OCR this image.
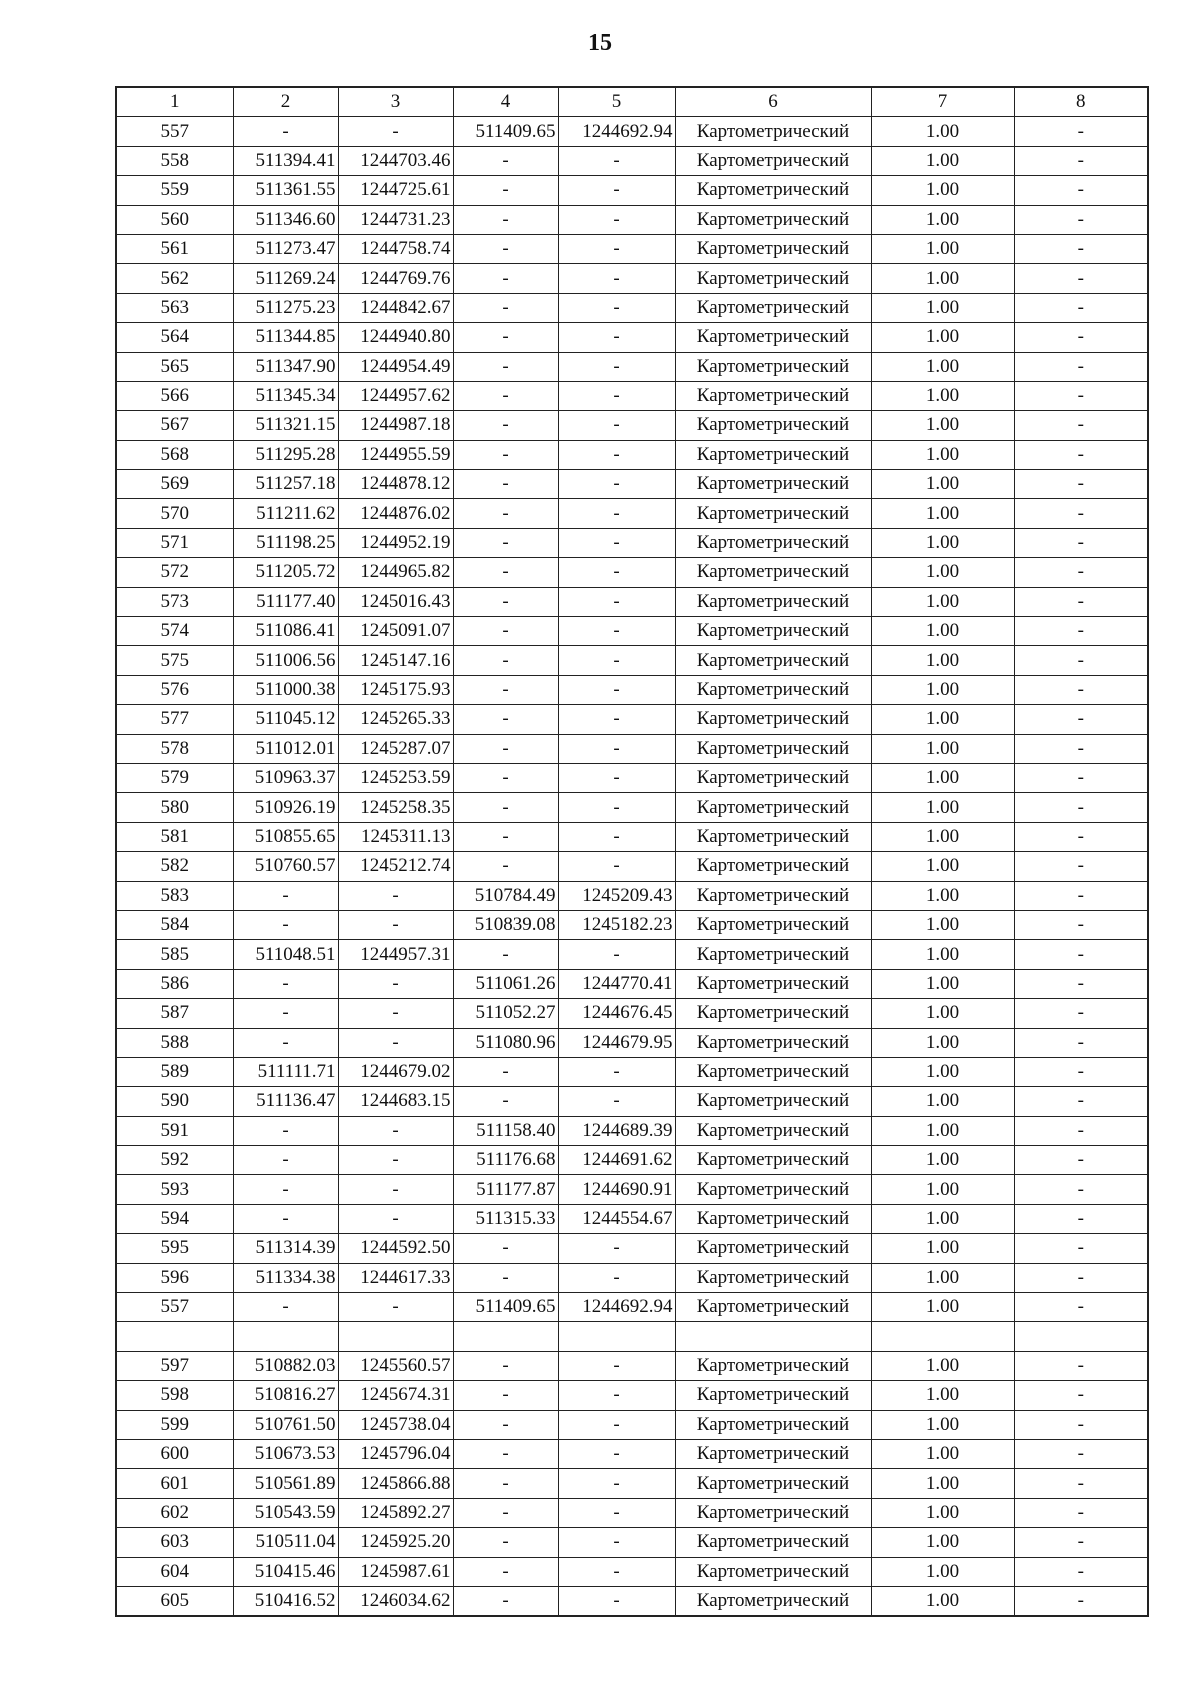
15
1	2	3	4	5	6	7	8
557	-	-	511409.65	1244692.94	Картометрический	1.00	-
558	511394.41	1244703.46	-	-	Картометрический	1.00	-
559	511361.55	1244725.61	-	-	Картометрический	1.00	-
560	511346.60	1244731.23	-	-	Картометрический	1.00	-
561	511273.47	1244758.74	-	-	Картометрический	1.00	-
562	511269.24	1244769.76	-	-	Картометрический	1.00	-
563	511275.23	1244842.67	-	-	Картометрический	1.00	-
564	511344.85	1244940.80	-	-	Картометрический	1.00	-
565	511347.90	1244954.49	-	-	Картометрический	1.00	-
566	511345.34	1244957.62	-	-	Картометрический	1.00	-
567	511321.15	1244987.18	-	-	Картометрический	1.00	-
568	511295.28	1244955.59	-	-	Картометрический	1.00	-
569	511257.18	1244878.12	-	-	Картометрический	1.00	-
570	511211.62	1244876.02	-	-	Картометрический	1.00	-
571	511198.25	1244952.19	-	-	Картометрический	1.00	-
572	511205.72	1244965.82	-	-	Картометрический	1.00	-
573	511177.40	1245016.43	-	-	Картометрический	1.00	-
574	511086.41	1245091.07	-	-	Картометрический	1.00	-
575	511006.56	1245147.16	-	-	Картометрический	1.00	-
576	511000.38	1245175.93	-	-	Картометрический	1.00	-
577	511045.12	1245265.33	-	-	Картометрический	1.00	-
578	511012.01	1245287.07	-	-	Картометрический	1.00	-
579	510963.37	1245253.59	-	-	Картометрический	1.00	-
580	510926.19	1245258.35	-	-	Картометрический	1.00	-
581	510855.65	1245311.13	-	-	Картометрический	1.00	-
582	510760.57	1245212.74	-	-	Картометрический	1.00	-
583	-	-	510784.49	1245209.43	Картометрический	1.00	-
584	-	-	510839.08	1245182.23	Картометрический	1.00	-
585	511048.51	1244957.31	-	-	Картометрический	1.00	-
586	-	-	511061.26	1244770.41	Картометрический	1.00	-
587	-	-	511052.27	1244676.45	Картометрический	1.00	-
588	-	-	511080.96	1244679.95	Картометрический	1.00	-
589	511111.71	1244679.02	-	-	Картометрический	1.00	-
590	511136.47	1244683.15	-	-	Картометрический	1.00	-
591	-	-	511158.40	1244689.39	Картометрический	1.00	-
592	-	-	511176.68	1244691.62	Картометрический	1.00	-
593	-	-	511177.87	1244690.91	Картометрический	1.00	-
594	-	-	511315.33	1244554.67	Картометрический	1.00	-
595	511314.39	1244592.50	-	-	Картометрический	1.00	-
596	511334.38	1244617.33	-	-	Картометрический	1.00	-
557	-	-	511409.65	1244692.94	Картометрический	1.00	-

597	510882.03	1245560.57	-	-	Картометрический	1.00	-
598	510816.27	1245674.31	-	-	Картометрический	1.00	-
599	510761.50	1245738.04	-	-	Картометрический	1.00	-
600	510673.53	1245796.04	-	-	Картометрический	1.00	-
601	510561.89	1245866.88	-	-	Картометрический	1.00	-
602	510543.59	1245892.27	-	-	Картометрический	1.00	-
603	510511.04	1245925.20	-	-	Картометрический	1.00	-
604	510415.46	1245987.61	-	-	Картометрический	1.00	-
605	510416.52	1246034.62	-	-	Картометрический	1.00	-
